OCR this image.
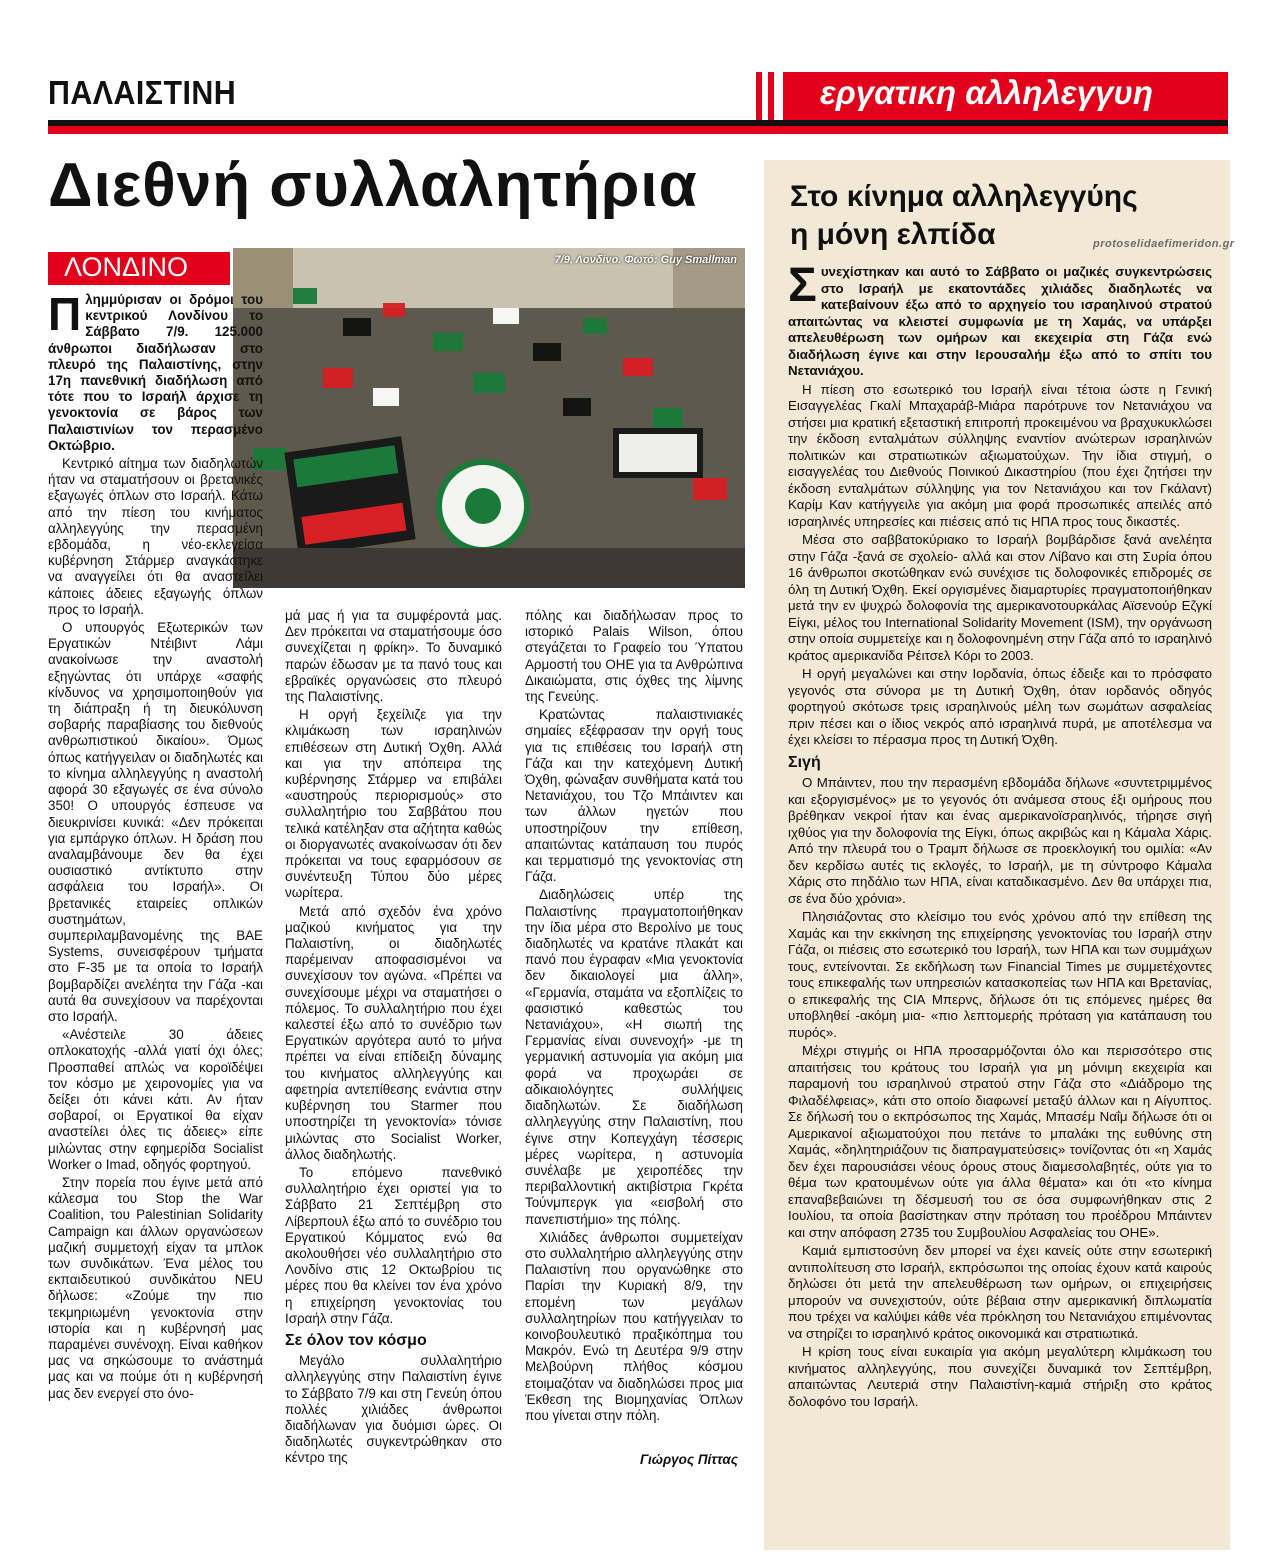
ΠΑΛΑΙΣΤΙΝΗ	εργατικη αλληλεγγυη
Διεθνή συλλαλητήρια
ΛΟΝΔΙΝΟ	7/9, Λονδίνο. Φωτό: Guy Smallman

Πλημμύρισαν οι δρόμοι του κεντρικού Λονδίνου το Σάββατο 7/9. 125.000 άνθρωποι διαδήλωσαν στο πλευρό της Παλαιστίνης, στην 17η πανεθνική διαδήλωση από τότε που το Ισραήλ άρχισε τη γενοκτονία σε βάρος των Παλαιστινίων τον περασμένο Οκτώβριο.

Κεντρικό αίτημα των διαδηλωτών ήταν να σταματήσουν οι βρετανικές εξαγωγές όπλων στο Ισραήλ. Κάτω από την πίεση του κινήματος αλληλεγγύης την περασμένη εβδομάδα, η νέο-εκλεγείσα κυβέρνηση Στάρμερ αναγκάστηκε να αναγγείλει ότι θα αναστείλει κάποιες άδειες εξαγωγής όπλων προς το Ισραήλ.

Ο υπουργός Εξωτερικών των Εργατικών Ντέιβιντ Λάμι ανακοίνωσε την αναστολή εξηγώντας ότι υπάρχε «σαφής κίνδυνος να χρησιμοποιηθούν για τη διάπραξη ή τη διευκόλυνση σοβαρής παραβίασης του διεθνούς ανθρωπιστικού δικαίου». Όμως όπως κατήγγειλαν οι διαδηλωτές και το κίνημα αλληλεγγύης η αναστολή αφορά 30 εξαγωγές σε ένα σύνολο 350! Ο υπουργός έσπευσε να διευκρινίσει κυνικά: «Δεν πρόκειται για εμπάργκο όπλων. Η δράση που αναλαμβάνουμε δεν θα έχει ουσιαστικό αντίκτυπο στην ασφάλεια του Ισραήλ». Οι βρετανικές εταιρείες οπλικών συστημάτων, συμπεριλαμβανομένης της BAE Systems, συνεισφέρουν τμήματα στο F-35 με τα οποία το Ισραήλ βομβαρδίζει ανελέητα την Γάζα -και αυτά θα συνεχίσουν να παρέχονται στο Ισραήλ.

«Ανέστειλε 30 άδειες οπλοκατοχής -αλλά γιατί όχι όλες; Προσπαθεί απλώς να κοροϊδέψει τον κόσμο με χειρονομίες για να δείξει ότι κάνει κάτι. Αν ήταν σοβαροί, οι Εργατικοί θα είχαν αναστείλει όλες τις άδειες» είπε μιλώντας στην εφημερίδα Socialist Worker ο Imad, οδηγός φορτηγού.

Στην πορεία που έγινε μετά από κάλεσμα του Stop the War Coalition, του Palestinian Solidarity Campaign και άλλων οργανώσεων μαζική συμμετοχή είχαν τα μπλοκ των συνδικάτων. Ένα μέλος του εκπαιδευτικού συνδικάτου NEU δήλωσε: «Ζούμε την πιο τεκμηριωμένη γενοκτονία στην ιστορία και η κυβέρνησή μας παραμένει συνένοχη. Είναι καθήκον μας να σηκώσουμε το ανάστημά μας και να πούμε ότι η κυβέρνησή μας δεν ενεργεί στο όνο-

μά μας ή για τα συμφέροντά μας. Δεν πρόκειται να σταματήσουμε όσο συνεχίζεται η φρίκη». Το δυναμικό παρών έδωσαν με τα πανό τους και εβραϊκές οργανώσεις στο πλευρό της Παλαιστίνης.

Η οργή ξεχείλιζε για την κλιμάκωση των ισραηλινών επιθέσεων στη Δυτική Όχθη. Αλλά και για την απόπειρα της κυβέρνησης Στάρμερ να επιβάλει «αυστηρούς περιορισμούς» στο συλλαλητήριο του Σαββάτου που τελικά κατέληξαν στα αζήτητα καθώς οι διοργανωτές ανακοίνωσαν ότι δεν πρόκειται να τους εφαρμόσουν σε συνέντευξη Τύπου δύο μέρες νωρίτερα.

Μετά από σχεδόν ένα χρόνο μαζικού κινήματος για την Παλαιστίνη, οι διαδηλωτές παρέμειναν αποφασισμένοι να συνεχίσουν τον αγώνα. «Πρέπει να συνεχίσουμε μέχρι να σταματήσει ο πόλεμος. Το συλλαλητήριο που έχει καλεστεί έξω από το συνέδριο των Εργατικών αργότερα αυτό το μήνα πρέπει να είναι επίδειξη δύναμης του κινήματος αλληλεγγύης και αφετηρία αντεπίθεσης ενάντια στην κυβέρνηση του Starmer που υποστηρίζει τη γενοκτονία» τόνισε μιλώντας στο Socialist Worker, άλλος διαδηλωτής.

Το επόμενο πανεθνικό συλλαλητήριο έχει οριστεί για το Σάββατο 21 Σεπτέμβρη στο Λίβερπουλ έξω από το συνέδριο του Εργατικού Κόμματος ενώ θα ακολουθήσει νέο συλλαλητήριο στο Λονδίνο στις 12 Οκτωβρίου τις μέρες που θα κλείνει τον ένα χρόνο η επιχείρηση γενοκτονίας του Ισραήλ στην Γάζα.

Σε όλον τον κόσμο

Μεγάλο συλλαλητήριο αλληλεγγύης στην Παλαιστίνη έγινε το Σάββατο 7/9 και στη Γενεύη όπου πολλές χιλιάδες άνθρωποι διαδήλωναν για δυόμισι ώρες. Οι διαδηλωτές συγκεντρώθηκαν στο κέντρο της

πόλης και διαδήλωσαν προς το ιστορικό Palais Wilson, όπου στεγάζεται το Γραφείο του Ύπατου Αρμοστή του ΟΗΕ για τα Ανθρώπινα Δικαιώματα, στις όχθες της λίμνης της Γενεύης.

Κρατώντας παλαιστινιακές σημαίες εξέφρασαν την οργή τους για τις επιθέσεις του Ισραήλ στη Γάζα και την κατεχόμενη Δυτική Όχθη, φώναξαν συνθήματα κατά του Νετανιάχου, του Τζο Μπάιντεν και των άλλων ηγετών που υποστηρίζουν την επίθεση, απαιτώντας κατάπαυση του πυρός και τερματισμό της γενοκτονίας στη Γάζα.

Διαδηλώσεις υπέρ της Παλαιστίνης πραγματοποιήθηκαν την ίδια μέρα στο Βερολίνο με τους διαδηλωτές να κρατάνε πλακάτ και πανό που έγραφαν «Μια γενοκτονία δεν δικαιολογεί μια άλλη», «Γερμανία, σταμάτα να εξοπλίζεις το φασιστικό καθεστώς του Νετανιάχου», «Η σιωπή της Γερμανίας είναι συνενοχή» -με τη γερμανική αστυνομία για ακόμη μια φορά να προχωράει σε αδικαιολόγητες συλλήψεις διαδηλωτών. Σε διαδήλωση αλληλεγγύης στην Παλαιστίνη, που έγινε στην Κοπεγχάγη τέσσερις μέρες νωρίτερα, η αστυνομία συνέλαβε με χειροπέδες την περιβαλλοντική ακτιβίστρια Γκρέτα Τούνμπεργκ για «εισβολή στο πανεπιστήμιο» της πόλης.

Χιλιάδες άνθρωποι συμμετείχαν στο συλλαλητήριο αλληλεγγύης στην Παλαιστίνη που οργανώθηκε στο Παρίσι την Κυριακή 8/9, την επομένη των μεγάλων συλλαλητηρίων που κατήγγειλαν το κοινοβουλευτικό πραξικόπημα του Μακρόν. Ενώ τη Δευτέρα 9/9 στην Μελβούρνη πλήθος κόσμου ετοιμαζόταν να διαδηλώσει προς μια Έκθεση της Βιομηχανίας Όπλων που γίνεται στην πόλη.

Γιώργος Πίττας
Στο κίνημα αλληλεγγύης
η μόνη ελπίδα	protoselidaefimeridon.gr

Συνεχίστηκαν και αυτό το Σάββατο οι μαζικές συγκεντρώσεις στο Ισραήλ με εκατοντάδες χιλιάδες διαδηλωτές να κατεβαίνουν έξω από το αρχηγείο του ισραηλινού στρατού απαιτώντας να κλειστεί συμφωνία με τη Χαμάς, να υπάρξει απελευθέρωση των ομήρων και εκεχειρία στη Γάζα ενώ διαδήλωση έγινε και στην Ιερουσαλήμ έξω από το σπίτι του Νετανιάχου.

Η πίεση στο εσωτερικό του Ισραήλ είναι τέτοια ώστε η Γενική Εισαγγελέας Γκαλί Μπαχαράβ-Μιάρα παρότρυνε τον Νετανιάχου να στήσει μια κρατική εξεταστική επιτροπή προκειμένου να βραχυκυκλώσει την έκδοση ενταλμάτων σύλληψης εναντίον ανώτερων ισραηλινών πολιτικών και στρατιωτικών αξιωματούχων. Την ίδια στιγμή, ο εισαγγελέας του Διεθνούς Ποινικού Δικαστηρίου (που έχει ζητήσει την έκδοση ενταλμάτων σύλληψης για τον Νετανιάχου και τον Γκάλαντ) Καρίμ Καν κατήγγειλε για ακόμη μια φορά προσωπικές απειλές από ισραηλινές υπηρεσίες και πιέσεις από τις ΗΠΑ προς τους δικαστές.

Μέσα στο σαββατοκύριακο το Ισραήλ βομβάρδισε ξανά ανελέητα στην Γάζα -ξανά σε σχολείο- αλλά και στον Λίβανο και στη Συρία όπου 16 άνθρωποι σκοτώθηκαν ενώ συνέχισε τις δολοφονικές επιδρομές σε όλη τη Δυτική Όχθη. Εκεί οργισμένες διαμαρτυρίες πραγματοποιήθηκαν μετά την εν ψυχρώ δολοφονία της αμερικανοτουρκάλας Αϊσενούρ Εζγκί Είγκι, μέλος του International Solidarity Movement (ISM), την οργάνωση στην οποία συμμετείχε και η δολοφονημένη στην Γάζα από το ισραηλινό κράτος αμερικανίδα Ρέιτσελ Κόρι το 2003.

Η οργή μεγαλώνει και στην Ιορδανία, όπως έδειξε και το πρόσφατο γεγονός στα σύνορα με τη Δυτική Όχθη, όταν ιορδανός οδηγός φορτηγού σκότωσε τρεις ισραηλινούς μέλη των σωμάτων ασφαλείας πριν πέσει και ο ίδιος νεκρός από ισραηλινά πυρά, με αποτέλεσμα να έχει κλείσει το πέρασμα προς τη Δυτική Όχθη.

Σιγή

Ο Μπάιντεν, που την περασμένη εβδομάδα δήλωνε «συντετριμμένος και εξοργισμένος» με το γεγονός ότι ανάμεσα στους έξι ομήρους που βρέθηκαν νεκροί ήταν και ένας αμερικανοϊσραηλινός, τήρησε σιγή ιχθύος για την δολοφονία της Είγκι, όπως ακριβώς και η Κάμαλα Χάρις. Από την πλευρά του ο Τραμπ δήλωσε σε προεκλογική του ομιλία: «Αν δεν κερδίσω αυτές τις εκλογές, το Ισραήλ, με τη σύντροφο Κάμαλα Χάρις στο πηδάλιο των ΗΠΑ, είναι καταδικασμένο. Δεν θα υπάρχει πια, σε ένα δύο χρόνια».

Πλησιάζοντας στο κλείσιμο του ενός χρόνου από την επίθεση της Χαμάς και την εκκίνηση της επιχείρησης γενοκτονίας του Ισραήλ στην Γάζα, οι πιέσεις στο εσωτερικό του Ισραήλ, των ΗΠΑ και των συμμάχων τους, εντείνονται. Σε εκδήλωση των Financial Times με συμμετέχοντες τους επικεφαλής των υπηρεσιών κατασκοπείας των ΗΠΑ και Βρετανίας, ο επικεφαλής της CIA Μπερνς, δήλωσε ότι τις επόμενες ημέρες θα υποβληθεί -ακόμη μια- «πιο λεπτομερής πρόταση για κατάπαυση του πυρός».

Μέχρι στιγμής οι ΗΠΑ προσαρμόζονται όλο και περισσότερο στις απαιτήσεις του κράτους του Ισραήλ για μη μόνιμη εκεχειρία και παραμονή του ισραηλινού στρατού στην Γάζα στο «Διάδρομο της Φιλαδέλφειας», κάτι στο οποίο διαφωνεί μεταξύ άλλων και η Αίγυπτος. Σε δήλωσή του ο εκπρόσωπος της Χαμάς, Μπασέμ Ναΐμ δήλωσε ότι οι Αμερικανοί αξιωματούχοι που πετάνε το μπαλάκι της ευθύνης στη Χαμάς, «δηλητηριάζουν τις διαπραγματεύσεις» τονίζοντας ότι «η Χαμάς δεν έχει παρουσιάσει νέους όρους στους διαμεσολαβητές, ούτε για το θέμα των κρατουμένων ούτε για άλλα θέματα» και ότι «το κίνημα επαναβεβαιώνει τη δέσμευσή του σε όσα συμφωνήθηκαν στις 2 Ιουλίου, τα οποία βασίστηκαν στην πρόταση του προέδρου Μπάιντεν και στην απόφαση 2735 του Συμβουλίου Ασφαλείας του ΟΗΕ».

Καμιά εμπιστοσύνη δεν μπορεί να έχει κανείς ούτε στην εσωτερική αντιπολίτευση στο Ισραήλ, εκπρόσωποι της οποίας έχουν κατά καιρούς δηλώσει ότι μετά την απελευθέρωση των ομήρων, οι επιχειρήσεις μπορούν να συνεχιστούν, ούτε βέβαια στην αμερικανική διπλωματία που τρέχει να καλύψει κάθε νέα πρόκληση του Νετανιάχου επιμένοντας να στηρίζει το ισραηλινό κράτος οικονομικά και στρατιωτικά.

Η κρίση τους είναι ευκαιρία για ακόμη μεγαλύτερη κλιμάκωση του κινήματος αλληλεγγύης, που συνεχίζει δυναμικά τον Σεπτέμβρη, απαιτώντας Λευτεριά στην Παλαιστίνη-καμιά στήριξη στο κράτος δολοφόνο του Ισραήλ.
